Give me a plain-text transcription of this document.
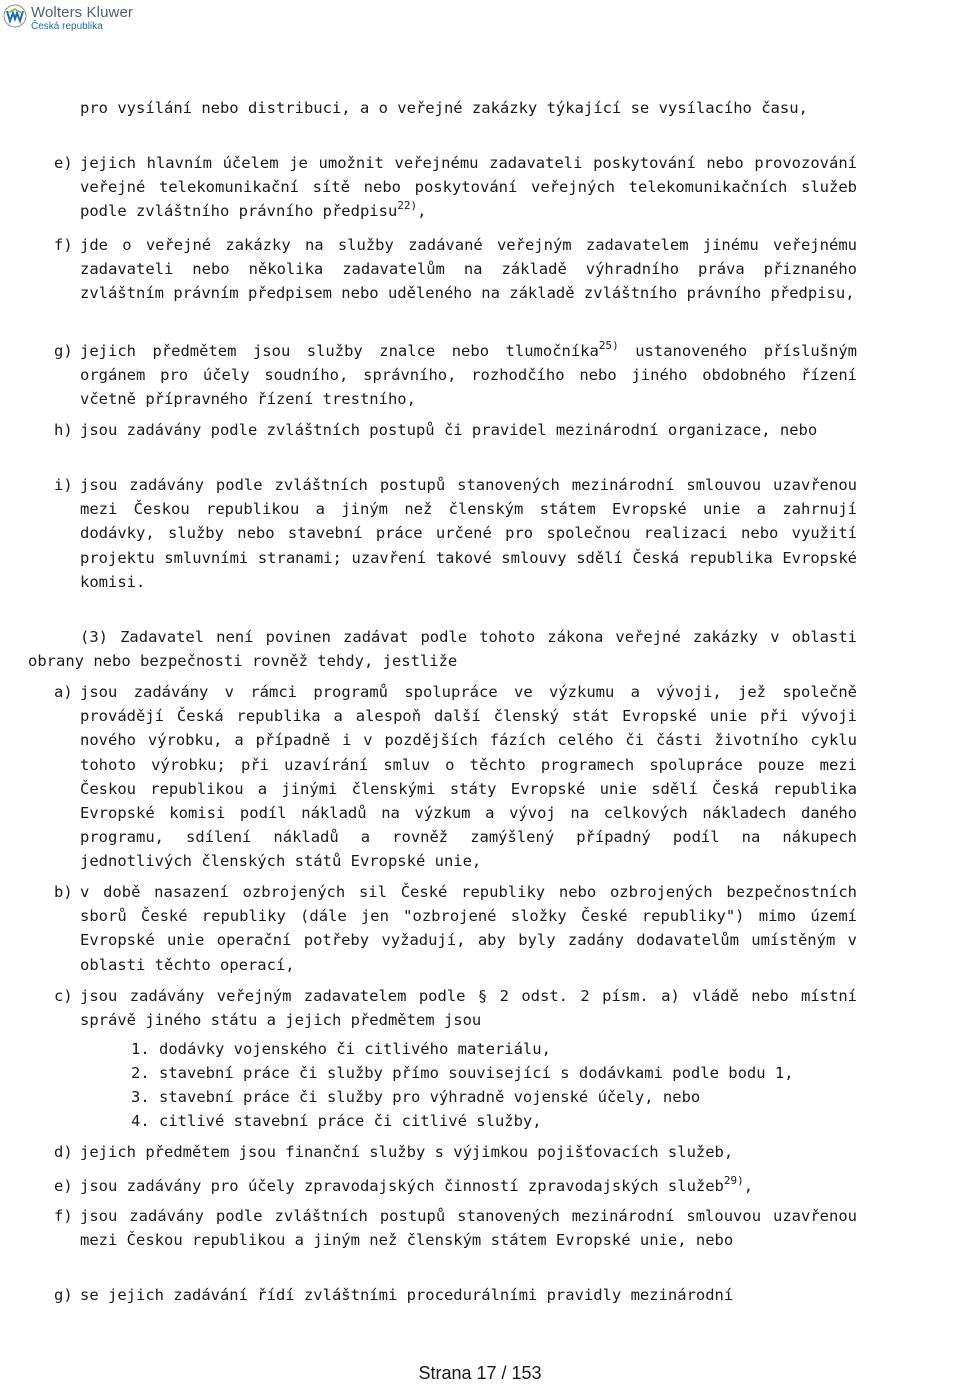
Wolters Kluwer
Česká republika
pro vysílání nebo distribuci, a o veřejné zakázky týkající se vysílacího času,
e) jejich hlavním účelem je umožnit veřejnému zadavateli poskytování nebo provozování veřejné telekomunikační sítě nebo poskytování veřejných telekomunikačních služeb podle zvláštního právního předpisu$^{22)}$,
f) jde o veřejné zakázky na služby zadávané veřejným zadavatelem jinému veřejnému zadavateli nebo několika zadavatelům na základě výhradního práva přiznaného zvláštním právním předpisem nebo uděleného na základě zvláštního právního předpisu,
g) jejich předmětem jsou služby znalce nebo tlumočníka$^{25)}$ ustanoveného příslušným orgánem pro účely soudního, správního, rozhodčího nebo jiného obdobného řízení včetně přípravného řízení trestního,
h) jsou zadávány podle zvláštních postupů či pravidel mezinárodní organizace, nebo
i) jsou zadávány podle zvláštních postupů stanovených mezinárodní smlouvou uzavřenou mezi Českou republikou a jiným než členským státem Evropské unie a zahrnují dodávky, služby nebo stavební práce určené pro společnou realizaci nebo využití projektu smluvními stranami; uzavření takové smlouvy sdělí Česká republika Evropské komisi.
(3) Zadavatel není povinen zadávat podle tohoto zákona veřejné zakázky v oblasti obrany nebo bezpečnosti rovněž tehdy, jestliže
a) jsou zadávány v rámci programů spolupráce ve výzkumu a vývoji, jež společně provádějí Česká republika a alespoň další členský stát Evropské unie při vývoji nového výrobku, a případně i v pozdějších fázích celého či části životního cyklu tohoto výrobku; při uzavírání smluv o těchto programech spolupráce pouze mezi Českou republikou a jinými členskými státy Evropské unie sdělí Česká republika Evropské komisi podíl nákladů na výzkum a vývoj na celkových nákladech daného programu, sdílení nákladů a rovněž zamýšlený případný podíl na nákupech jednotlivých členských států Evropské unie,
b) v době nasazení ozbrojených sil České republiky nebo ozbrojených bezpečnostních sborů České republiky (dále jen "ozbrojené složky České republiky") mimo území Evropské unie operační potřeby vyžadují, aby byly zadány dodavatelům umístěným v oblasti těchto operací,
c) jsou zadávány veřejným zadavatelem podle § 2 odst. 2 písm. a) vládě nebo místní správě jiného státu a jejich předmětem jsou
1. dodávky vojenského či citlivého materiálu,
2. stavební práce či služby přímo související s dodávkami podle bodu 1,
3. stavební práce či služby pro výhradně vojenské účely, nebo
4. citlivé stavební práce či citlivé služby,
d) jejich předmětem jsou finanční služby s výjimkou pojišťovacích služeb,
e) jsou zadávány pro účely zpravodajských činností zpravodajských služeb$^{29)}$,
f) jsou zadávány podle zvláštních postupů stanovených mezinárodní smlouvou uzavřenou mezi Českou republikou a jiným než členským státem Evropské unie, nebo
g) se jejich zadávání řídí zvláštními procedurálními pravidly mezinárodní
Strana 17 / 153
